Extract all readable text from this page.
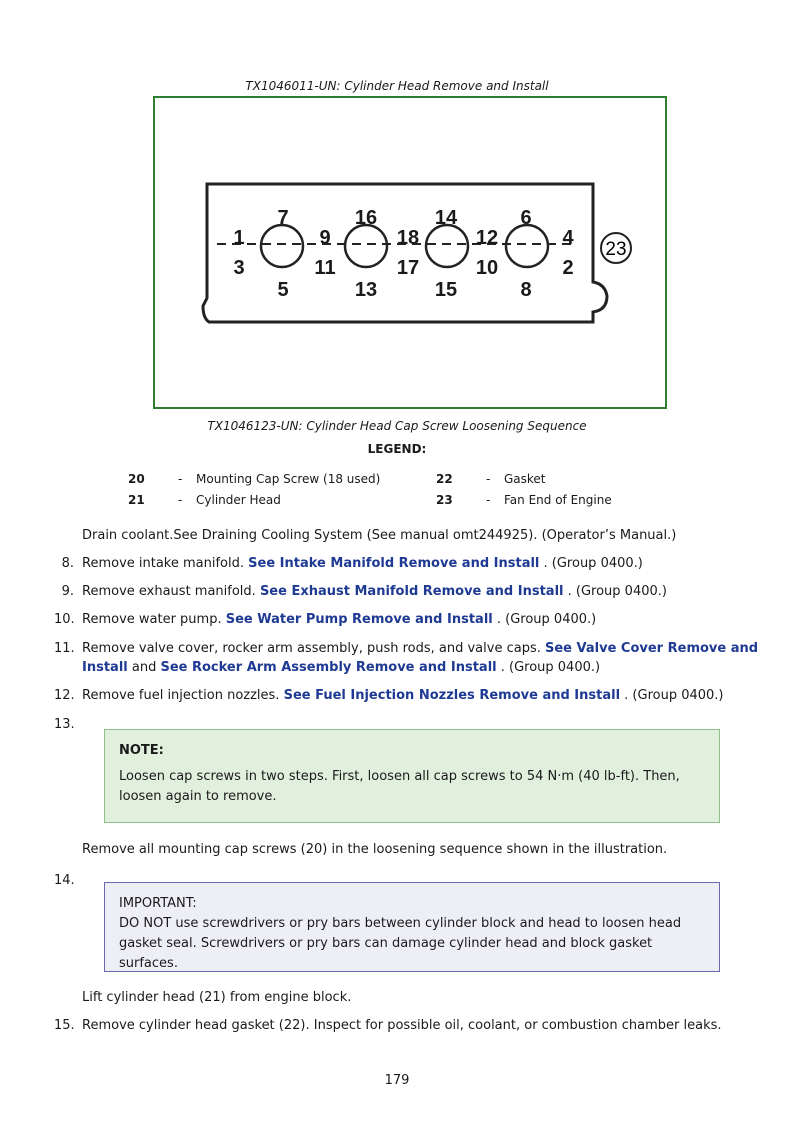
TX1046011-UN: Cylinder Head Remove and Install
23
7	16	14	6
1	9	18	12	4
3	11	17	10	2
5	13	15	8
TX1046123-UN: Cylinder Head Cap Screw Loosening Sequence
LEGEND:
20	- Mounting Cap Screw (18 used)
21	- Cylinder Head
22	- Gasket
23	- Fan End of Engine
Drain coolant.See Draining Cooling System (See manual omt244925). (Operator’s Manual.)
8. Remove intake manifold. See Intake Manifold Remove and Install . (Group 0400.)
9. Remove exhaust manifold. See Exhaust Manifold Remove and Install . (Group 0400.)
10. Remove water pump. See Water Pump Remove and Install . (Group 0400.)
11. Remove valve cover, rocker arm assembly, push rods, and valve caps. See Valve Cover Remove and
Install and See Rocker Arm Assembly Remove and Install . (Group 0400.)
12. Remove fuel injection nozzles. See Fuel Injection Nozzles Remove and Install . (Group 0400.)
13.
NOTE:
Loosen cap screws in two steps. First, loosen all cap screws to 54 N·m (40 lb-ft). Then, loosen again to remove.
Remove all mounting cap screws (20) in the loosening sequence shown in the illustration.
14.
IMPORTANT:
DO NOT use screwdrivers or pry bars between cylinder block and head to loosen head gasket seal. Screwdrivers or pry bars can damage cylinder head and block gasket surfaces.
Lift cylinder head (21) from engine block.
15. Remove cylinder head gasket (22). Inspect for possible oil, coolant, or combustion chamber leaks.
179
